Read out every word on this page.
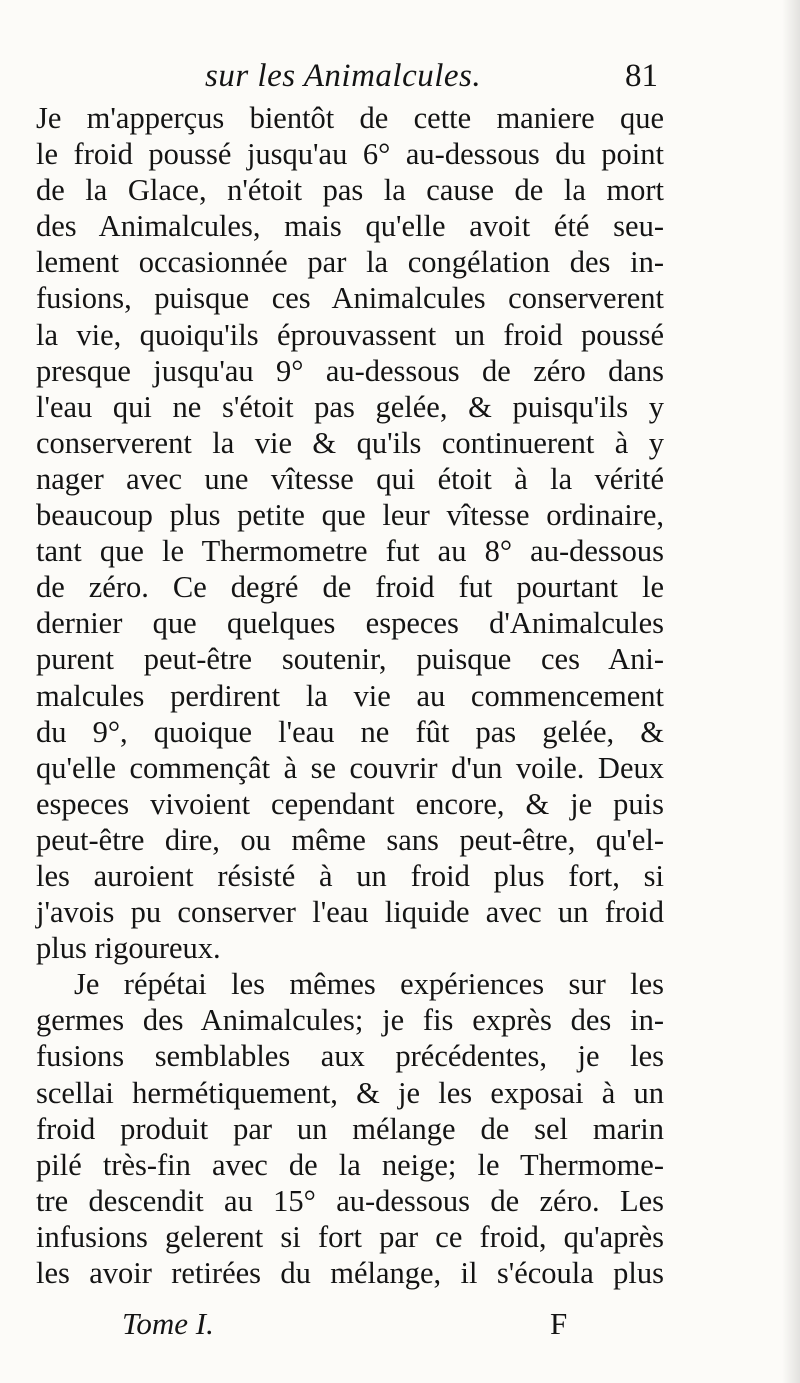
sur les Animalcules.	81
Je m'apperçus bientôt de cette maniere que
le froid poussé jusqu'au 6° au-dessous du point
de la Glace, n'étoit pas la cause de la mort
des Animalcules, mais qu'elle avoit été seu-
lement occasionnée par la congélation des in-
fusions, puisque ces Animalcules conserverent
la vie, quoiqu'ils éprouvassent un froid poussé
presque jusqu'au 9° au-dessous de zéro dans
l'eau qui ne s'étoit pas gelée, & puisqu'ils y
conserverent la vie & qu'ils continuerent à y
nager avec une vîtesse qui étoit à la vérité
beaucoup plus petite que leur vîtesse ordinaire,
tant que le Thermometre fut au 8° au-dessous
de zéro. Ce degré de froid fut pourtant le
dernier que quelques especes d'Animalcules
purent peut-être soutenir, puisque ces Ani-
malcules perdirent la vie au commencement
du 9°, quoique l'eau ne fût pas gelée, &
qu'elle commençât à se couvrir d'un voile. Deux
especes vivoient cependant encore, & je puis
peut-être dire, ou même sans peut-être, qu'el-
les auroient résisté à un froid plus fort, si
j'avois pu conserver l'eau liquide avec un froid
plus rigoureux.
Je répétai les mêmes expériences sur les
germes des Animalcules; je fis exprès des in-
fusions semblables aux précédentes, je les
scellai hermétiquement, & je les exposai à un
froid produit par un mélange de sel marin
pilé très-fin avec de la neige; le Thermome-
tre descendit au 15° au-dessous de zéro. Les
infusions gelerent si fort par ce froid, qu'après
les avoir retirées du mélange, il s'écoula plus
Tome I.	F
